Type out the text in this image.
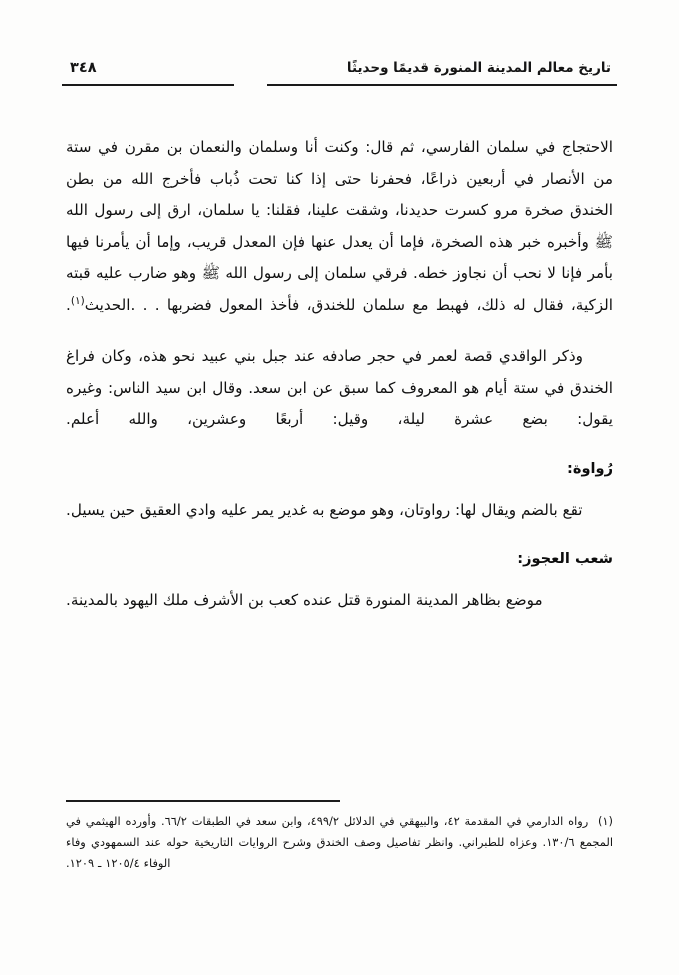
تاريخ معالم المدينة المنورة قديمًا وحديثًا
٣٤٨

الاحتجاج في سلمان الفارسي، ثم قال: وكنت أنا وسلمان والنعمان بن مقرن في ستة من الأنصار في أربعين ذراعًا، فحفرنا حتى إذا كنا تحت ذُباب فأخرج الله من بطن الخندق صخرة مرو كسرت حديدنا، وشقت علينا، فقلنا: يا سلمان، ارق إلى رسول الله ﷺ وأخبره خبر هذه الصخرة، فإما أن يعدل عنها فإن المعدل قريب، وإما أن يأمرنا فيها بأمر فإنا لا نحب أن نجاوز خطه. فرقي سلمان إلى رسول الله ﷺ وهو ضارب عليه قبته الزكية، فقال له ذلك، فهبط مع سلمان للخندق، فأخذ المعول فضربها . . .الحديث$^{(١)}$.

وذكر الواقدي قصة لعمر في حجر صادفه عند جبل بني عبيد نحو هذه، وكان فراغ الخندق في ستة أيام هو المعروف كما سبق عن ابن سعد. وقال ابن سيد الناس: وغيره يقول: بضع عشرة ليلة، وقيل: أربعًا وعشرين، والله أعلم.

رُواوة:

تقع بالضم ويقال لها: رواوتان، وهو موضع به غدير يمر عليه وادي العقيق حين يسيل.

شعب العجوز:

موضع بظاهر المدينة المنورة قتل عنده كعب بن الأشرف ملك اليهود بالمدينة.

(١)  رواه الدارمي في المقدمة ٤٢، والبيهقي في الدلائل ٤٩٩/٢، وابن سعد في الطبقات ٦٦/٢. وأورده الهيثمي في المجمع ١٣٠/٦. وعزاه للطبراني. وانظر تفاصيل وصف الخندق وشرح الروايات التاريخية حوله عند السمهودي وفاء الوفاء ١٢٠٥/٤ ـ ١٢٠٩.
